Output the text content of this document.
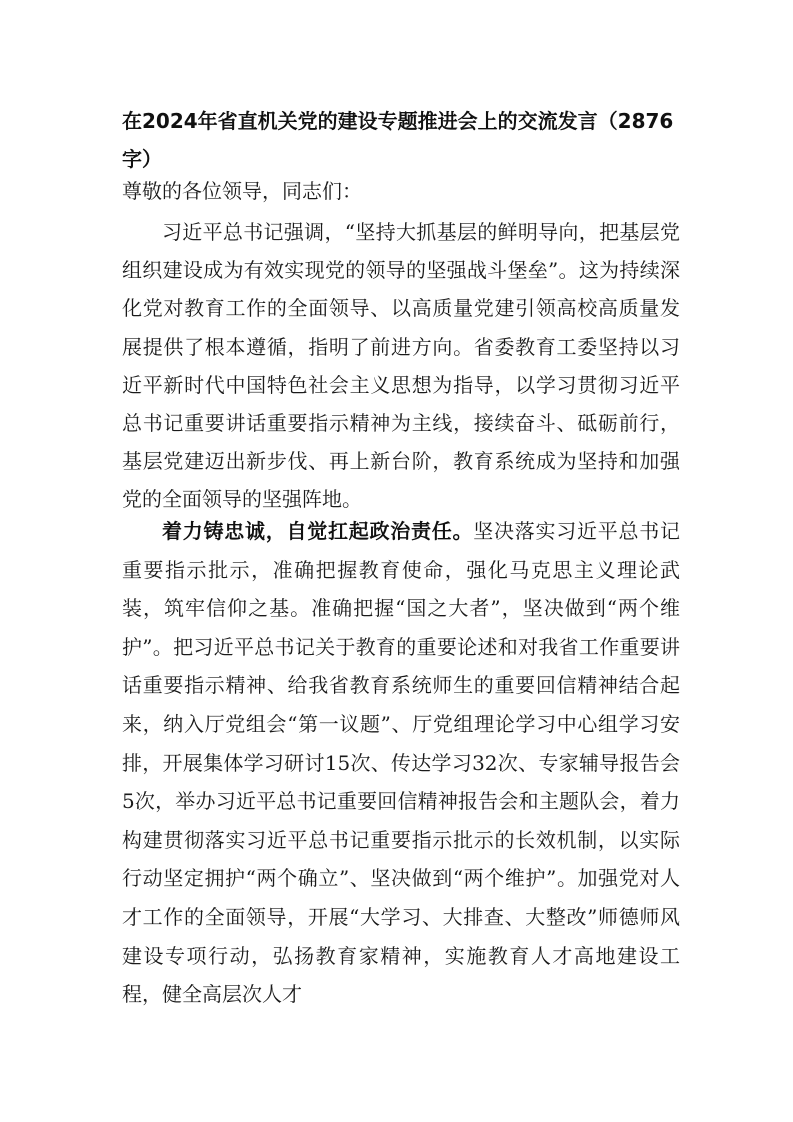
在2024年省直机关党的建设专题推进会上的交流发言（2876字）

尊敬的各位领导，同志们：

习近平总书记强调，“坚持大抓基层的鲜明导向，把基层党组织建设成为有效实现党的领导的坚强战斗堡垒”。这为持续深化党对教育工作的全面领导、以高质量党建引领高校高质量发展提供了根本遵循，指明了前进方向。省委教育工委坚持以习近平新时代中国特色社会主义思想为指导，以学习贯彻习近平总书记重要讲话重要指示精神为主线，接续奋斗、砥砺前行，基层党建迈出新步伐、再上新台阶，教育系统成为坚持和加强党的全面领导的坚强阵地。

着力铸忠诚，自觉扛起政治责任。坚决落实习近平总书记重要指示批示，准确把握教育使命，强化马克思主义理论武装，筑牢信仰之基。准确把握“国之大者”，坚决做到“两个维护”。把习近平总书记关于教育的重要论述和对我省工作重要讲话重要指示精神、给我省教育系统师生的重要回信精神结合起来，纳入厅党组会“第一议题”、厅党组理论学习中心组学习安排，开展集体学习研讨15次、传达学习32次、专家辅导报告会5次，举办习近平总书记重要回信精神报告会和主题队会，着力构建贯彻落实习近平总书记重要指示批示的长效机制，以实际行动坚定拥护“两个确立”、坚决做到“两个维护”。加强党对人才工作的全面领导，开展“大学习、大排查、大整改”师德师风建设专项行动，弘扬教育家精神，实施教育人才高地建设工程，健全高层次人才
